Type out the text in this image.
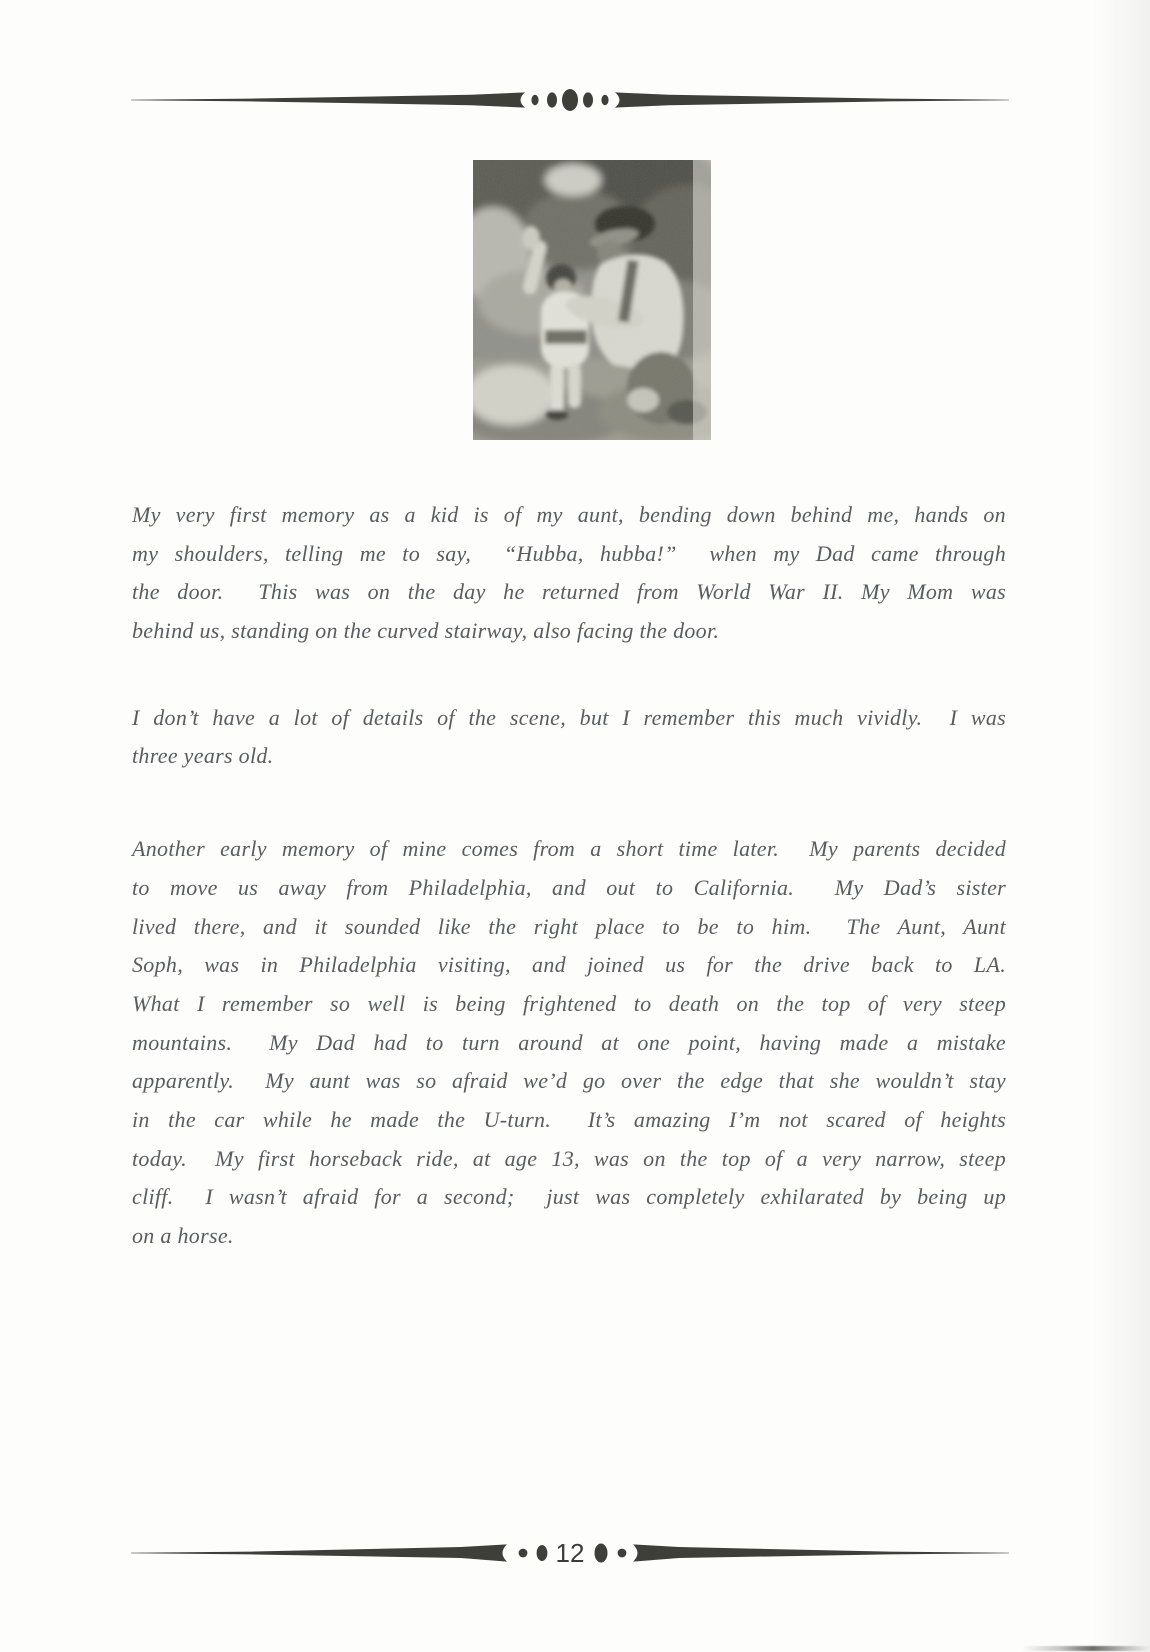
My very first memory as a kid is of my aunt, bending down behind me, hands on
my shoulders, telling me to say,  “Hubba, hubba!”  when my Dad came through
the door.  This was on the day he returned from World War II. My Mom was
behind us, standing on the curved stairway, also facing the door.
I don’t have a lot of details of the scene, but I remember this much vividly.  I was
three years old.
Another early memory of mine comes from a short time later.  My parents decided
to move us away from Philadelphia, and out to California.  My Dad’s sister
lived there, and it sounded like the right place to be to him.  The Aunt, Aunt
Soph, was in Philadelphia visiting, and joined us for the drive back to LA.
What I remember so well is being frightened to death on the top of very steep
mountains.  My Dad had to turn around at one point, having made a mistake
apparently.  My aunt was so afraid we’d go over the edge that she wouldn’t stay
in the car while he made the U-turn.  It’s amazing I’m not scared of heights
today.  My first horseback ride, at age 13, was on the top of a very narrow, steep
cliff.  I wasn’t afraid for a second;  just was completely exhilarated by being up
on a horse.
12
